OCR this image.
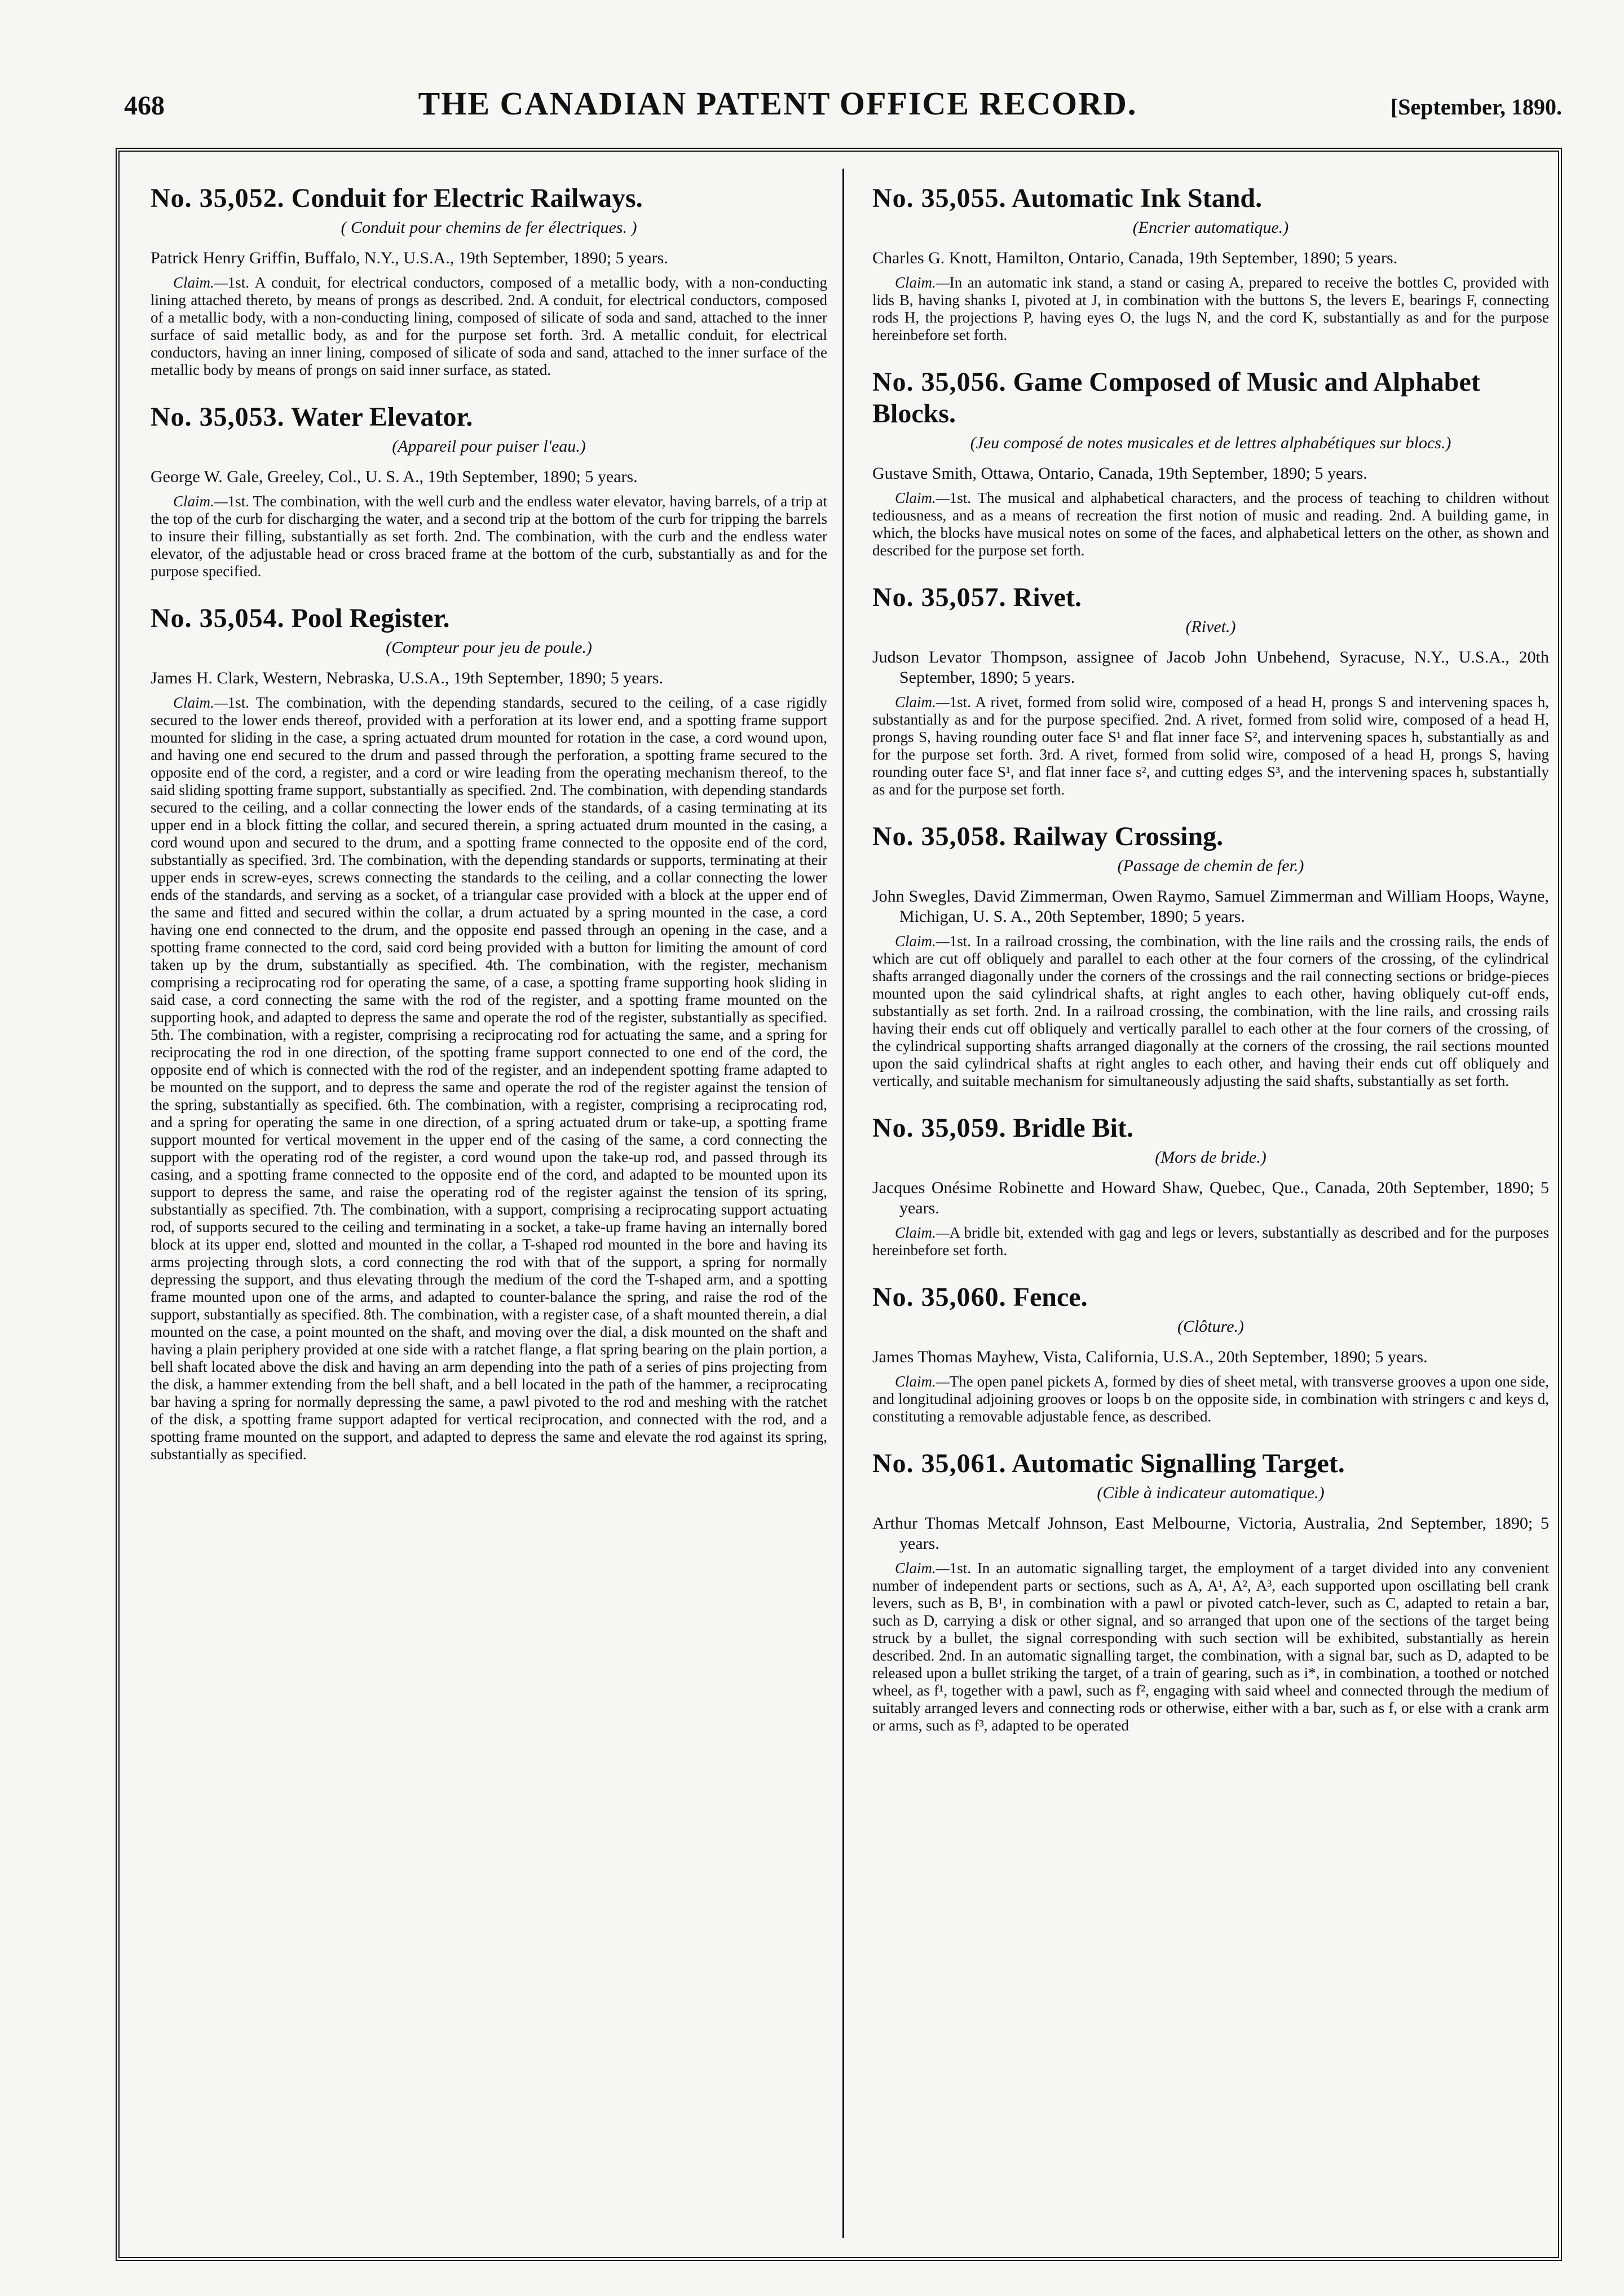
468	THE CANADIAN PATENT OFFICE RECORD.	[September, 1890.
No. 35,052. Conduit for Electric Railways.
( Conduit pour chemins de fer électriques. )
Patrick Henry Griffin, Buffalo, N.Y., U.S.A., 19th September, 1890; 5 years.

Claim.—1st. A conduit, for electrical conductors, composed of a metallic body, with a non-conducting lining attached thereto, by means of prongs as described. 2nd. A conduit, for electrical conductors, composed of a metallic body, with a non-conducting lining, composed of silicate of soda and sand, attached to the inner surface of said metallic body, as and for the purpose set forth. 3rd. A metallic conduit, for electrical conductors, having an inner lining, composed of silicate of soda and sand, attached to the inner surface of the metallic body by means of prongs on said inner surface, as stated.

No. 35,053. Water Elevator.
(Appareil pour puiser l'eau.)
George W. Gale, Greeley, Col., U. S. A., 19th September, 1890; 5 years.

Claim.—1st. The combination, with the well curb and the endless water elevator, having barrels, of a trip at the top of the curb for discharging the water, and a second trip at the bottom of the curb for tripping the barrels to insure their filling, substantially as set forth. 2nd. The combination, with the curb and the endless water elevator, of the adjustable head or cross braced frame at the bottom of the curb, substantially as and for the purpose specified.

No. 35,054. Pool Register.
(Compteur pour jeu de poule.)
James H. Clark, Western, Nebraska, U.S.A., 19th September, 1890; 5 years.

Claim.—1st. The combination, with the depending standards, secured to the ceiling, of a case rigidly secured to the lower ends thereof, provided with a perforation at its lower end, and a spotting frame support mounted for sliding in the case, a spring actuated drum mounted for rotation in the case, a cord wound upon, and having one end secured to the drum and passed through the perforation, a spotting frame secured to the opposite end of the cord, a register, and a cord or wire leading from the operating mechanism thereof, to the said sliding spotting frame support, substantially as specified. 2nd. The combination, with depending standards secured to the ceiling, and a collar connecting the lower ends of the standards, of a casing terminating at its upper end in a block fitting the collar, and secured therein, a spring actuated drum mounted in the casing, a cord wound upon and secured to the drum, and a spotting frame connected to the opposite end of the cord, substantially as specified. 3rd. The combination, with the depending standards or supports, terminating at their upper ends in screw-eyes, screws connecting the standards to the ceiling, and a collar connecting the lower ends of the standards, and serving as a socket, of a triangular case provided with a block at the upper end of the same and fitted and secured within the collar, a drum actuated by a spring mounted in the case, a cord having one end connected to the drum, and the opposite end passed through an opening in the case, and a spotting frame connected to the cord, said cord being provided with a button for limiting the amount of cord taken up by the drum, substantially as specified. 4th. The combination, with the register, mechanism comprising a reciprocating rod for operating the same, of a case, a spotting frame supporting hook sliding in said case, a cord connecting the same with the rod of the register, and a spotting frame mounted on the supporting hook, and adapted to depress the same and operate the rod of the register, substantially as specified. 5th. The combination, with a register, comprising a reciprocating rod for actuating the same, and a spring for reciprocating the rod in one direction, of the spotting frame support connected to one end of the cord, the opposite end of which is connected with the rod of the register, and an independent spotting frame adapted to be mounted on the support, and to depress the same and operate the rod of the register against the tension of the spring, substantially as specified. 6th. The combination, with a register, comprising a reciprocating rod, and a spring for operating the same in one direction, of a spring actuated drum or take-up, a spotting frame support mounted for vertical movement in the upper end of the casing of the same, a cord connecting the support with the operating rod of the register, a cord wound upon the take-up rod, and passed through its casing, and a spotting frame connected to the opposite end of the cord, and adapted to be mounted upon its support to depress the same, and raise the operating rod of the register against the tension of its spring, substantially as specified. 7th. The combination, with a support, comprising a reciprocating support actuating rod, of supports secured to the ceiling and terminating in a socket, a take-up frame having an internally bored block at its upper end, slotted and mounted in the collar, a T-shaped rod mounted in the bore and having its arms projecting through slots, a cord connecting the rod with that of the support, a spring for normally depressing the support, and thus elevating through the medium of the cord the T-shaped arm, and a spotting frame mounted upon one of the arms, and adapted to counter-balance the spring, and raise the rod of the support, substantially as specified. 8th. The combination, with a register case, of a shaft mounted therein, a dial mounted on the case, a point mounted on the shaft, and moving over the dial, a disk mounted on the shaft and having a plain periphery provided at one side with a ratchet flange, a flat spring bearing on the plain portion, a bell shaft located above the disk and having an arm depending into the path of a series of pins projecting from the disk, a hammer extending from the bell shaft, and a bell located in the path of the hammer, a reciprocating bar having a spring for normally depressing the same, a pawl pivoted to the rod and meshing with the ratchet of the disk, a spotting frame support adapted for vertical reciprocation, and connected with the rod, and a spotting frame mounted on the support, and adapted to depress the same and elevate the rod against its spring, substantially as specified.

No. 35,055. Automatic Ink Stand.
(Encrier automatique.)
Charles G. Knott, Hamilton, Ontario, Canada, 19th September, 1890; 5 years.

Claim.—In an automatic ink stand, a stand or casing A, prepared to receive the bottles C, provided with lids B, having shanks I, pivoted at J, in combination with the buttons S, the levers E, bearings F, connecting rods H, the projections P, having eyes O, the lugs N, and the cord K, substantially as and for the purpose hereinbefore set forth.

No. 35,056. Game Composed of Music and Alphabet Blocks.
(Jeu composé de notes musicales et de lettres alphabétiques sur blocs.)
Gustave Smith, Ottawa, Ontario, Canada, 19th September, 1890; 5 years.

Claim.—1st. The musical and alphabetical characters, and the process of teaching to children without tediousness, and as a means of recreation the first notion of music and reading. 2nd. A building game, in which, the blocks have musical notes on some of the faces, and alphabetical letters on the other, as shown and described for the purpose set forth.

No. 35,057. Rivet.
(Rivet.)
Judson Levator Thompson, assignee of Jacob John Unbehend, Syracuse, N.Y., U.S.A., 20th September, 1890; 5 years.

Claim.—1st. A rivet, formed from solid wire, composed of a head H, prongs S and intervening spaces h, substantially as and for the purpose specified. 2nd. A rivet, formed from solid wire, composed of a head H, prongs S, having rounding outer face S¹ and flat inner face S², and intervening spaces h, substantially as and for the purpose set forth. 3rd. A rivet, formed from solid wire, composed of a head H, prongs S, having rounding outer face S¹, and flat inner face s², and cutting edges S³, and the intervening spaces h, substantially as and for the purpose set forth.

No. 35,058. Railway Crossing.
(Passage de chemin de fer.)
John Swegles, David Zimmerman, Owen Raymo, Samuel Zimmerman and William Hoops, Wayne, Michigan, U. S. A., 20th September, 1890; 5 years.

Claim.—1st. In a railroad crossing, the combination, with the line rails and the crossing rails, the ends of which are cut off obliquely and parallel to each other at the four corners of the crossing, of the cylindrical shafts arranged diagonally under the corners of the crossings and the rail connecting sections or bridge-pieces mounted upon the said cylindrical shafts, at right angles to each other, having obliquely cut-off ends, substantially as set forth. 2nd. In a railroad crossing, the combination, with the line rails, and crossing rails having their ends cut off obliquely and vertically parallel to each other at the four corners of the crossing, of the cylindrical supporting shafts arranged diagonally at the corners of the crossing, the rail sections mounted upon the said cylindrical shafts at right angles to each other, and having their ends cut off obliquely and vertically, and suitable mechanism for simultaneously adjusting the said shafts, substantially as set forth.

No. 35,059. Bridle Bit.
(Mors de bride.)
Jacques Onésime Robinette and Howard Shaw, Quebec, Que., Canada, 20th September, 1890; 5 years.

Claim.—A bridle bit, extended with gag and legs or levers, substantially as described and for the purposes hereinbefore set forth.

No. 35,060. Fence.
(Clôture.)
James Thomas Mayhew, Vista, California, U.S.A., 20th September, 1890; 5 years.

Claim.—The open panel pickets A, formed by dies of sheet metal, with transverse grooves a upon one side, and longitudinal adjoining grooves or loops b on the opposite side, in combination with stringers c and keys d, constituting a removable adjustable fence, as described.

No. 35,061. Automatic Signalling Target.
(Cible à indicateur automatique.)
Arthur Thomas Metcalf Johnson, East Melbourne, Victoria, Australia, 2nd September, 1890; 5 years.

Claim.—1st. In an automatic signalling target, the employment of a target divided into any convenient number of independent parts or sections, such as A, A¹, A², A³, each supported upon oscillating bell crank levers, such as B, B¹, in combination with a pawl or pivoted catch-lever, such as C, adapted to retain a bar, such as D, carrying a disk or other signal, and so arranged that upon one of the sections of the target being struck by a bullet, the signal corresponding with such section will be exhibited, substantially as herein described. 2nd. In an automatic signalling target, the combination, with a signal bar, such as D, adapted to be released upon a bullet striking the target, of a train of gearing, such as i*, in combination, a toothed or notched wheel, as f¹, together with a pawl, such as f², engaging with said wheel and connected through the medium of suitably arranged levers and connecting rods or otherwise, either with a bar, such as f, or else with a crank arm or arms, such as f³, adapted to be operated
